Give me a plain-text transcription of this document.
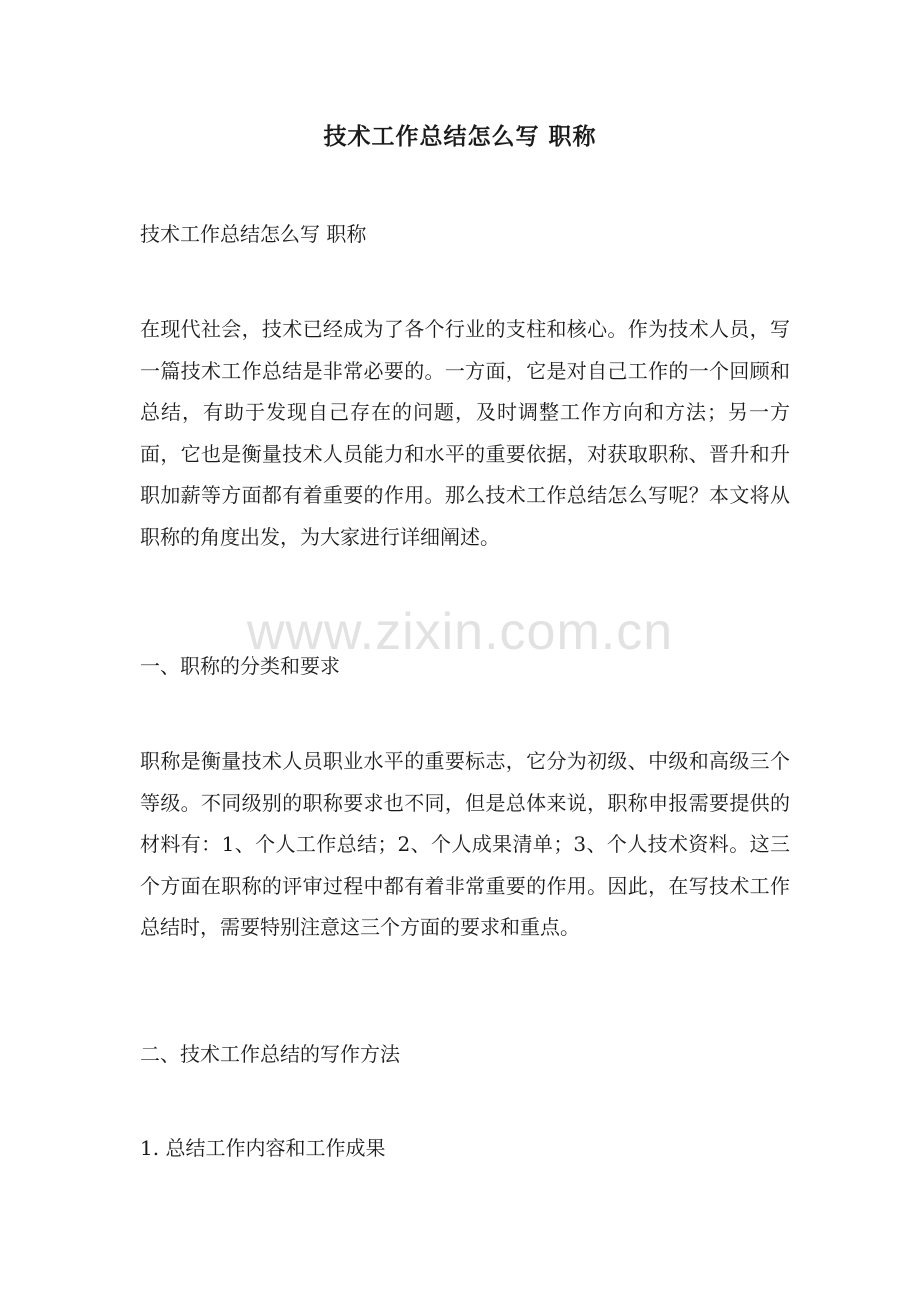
技术工作总结怎么写 职称

技术工作总结怎么写 职称

在现代社会，技术已经成为了各个行业的支柱和核心。作为技术人员，写一篇技术工作总结是非常必要的。一方面，它是对自己工作的一个回顾和总结，有助于发现自己存在的问题，及时调整工作方向和方法；另一方面，它也是衡量技术人员能力和水平的重要依据，对获取职称、晋升和升职加薪等方面都有着重要的作用。那么技术工作总结怎么写呢？本文将从职称的角度出发，为大家进行详细阐述。

一、职称的分类和要求

职称是衡量技术人员职业水平的重要标志，它分为初级、中级和高级三个等级。不同级别的职称要求也不同，但是总体来说，职称申报需要提供的材料有：1、个人工作总结；2、个人成果清单；3、个人技术资料。这三个方面在职称的评审过程中都有着非常重要的作用。因此，在写技术工作总结时，需要特别注意这三个方面的要求和重点。

二、技术工作总结的写作方法

1. 总结工作内容和工作成果

www.zixin.com.cn
